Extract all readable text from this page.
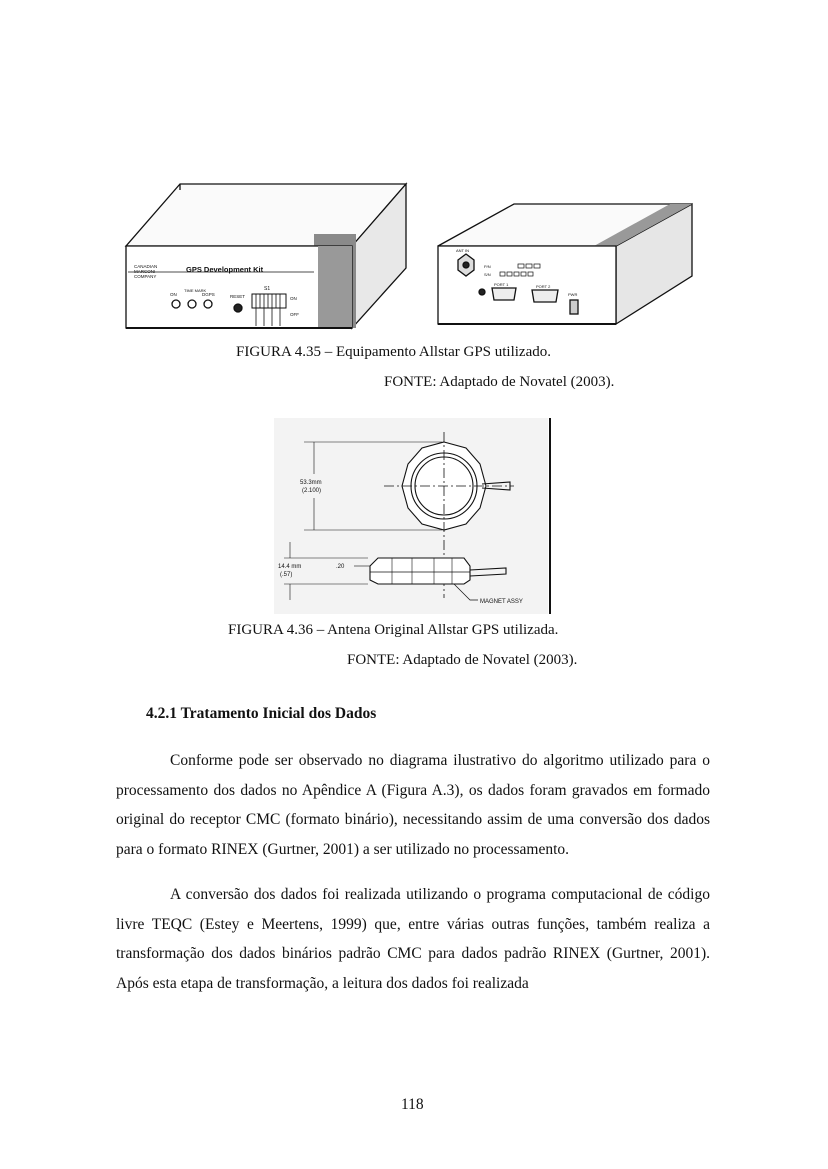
GPS Development Kit
CANADIAN
MARCONI
COMPANY
ON
TIME MARK
DGPS	RESET
S1
ON
OFF
ANT IN
P/N
S/N
PORT 1	PORT 2
PWR
FIGURA 4.35 – Equipamento Allstar GPS utilizado.
FONTE: Adaptado de Novatel (2003).
53.3mm
(2.100)
14.4 mm
(.57)
.20
MAGNET ASSY
FIGURA 4.36 – Antena Original Allstar GPS utilizada.
FONTE: Adaptado de Novatel (2003).
4.2.1 Tratamento Inicial dos Dados

Conforme pode ser observado no diagrama ilustrativo do algoritmo utilizado para o processamento dos dados no Apêndice A (Figura A.3), os dados foram gravados em formado original do receptor CMC (formato binário), necessitando assim de uma conversão dos dados para o formato RINEX (Gurtner, 2001) a ser utilizado no processamento.

A conversão dos dados foi realizada utilizando o programa computacional de código livre TEQC (Estey e Meertens, 1999) que, entre várias outras funções, também realiza a transformação dos dados binários padrão CMC para dados padrão RINEX (Gurtner, 2001). Após esta etapa de transformação, a leitura dos dados foi realizada

118
